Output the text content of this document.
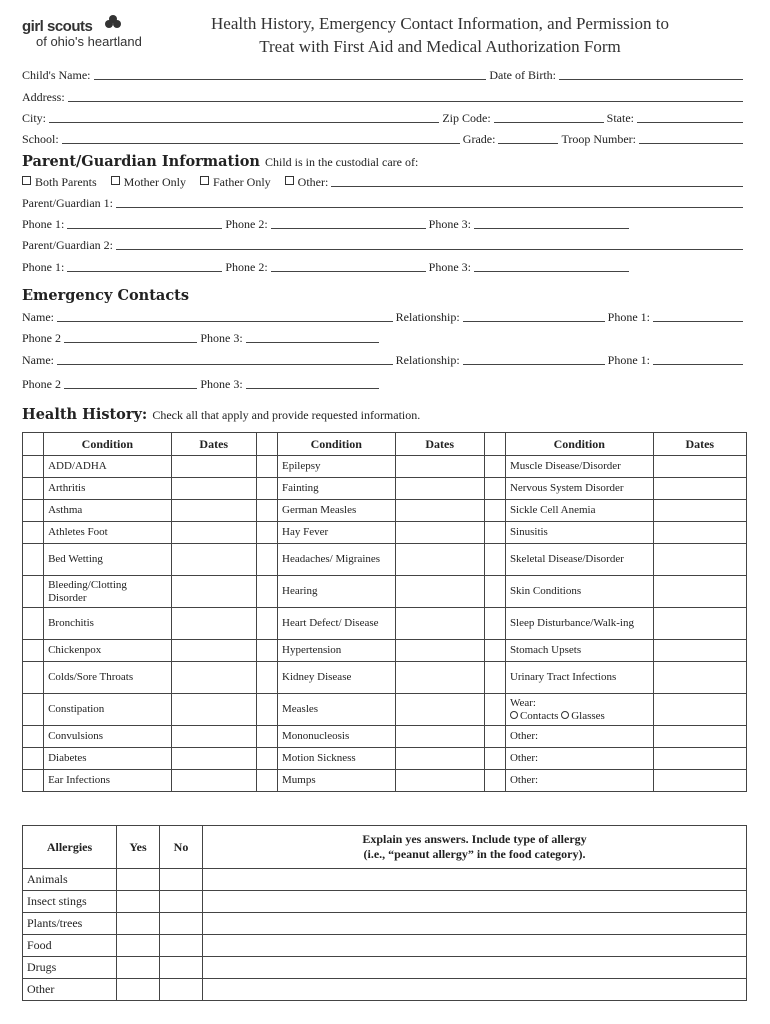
girl scouts
of ohio's heartland
Health History, Emergency Contact Information, and Permission to
Treat with First Aid and Medical Authorization Form
Child's Name:	Date of Birth:
Address:
City:	Zip Code:	State:
School:	Grade:	Troop Number:
Parent/Guardian Information Child is in the custodial care of:
Both Parents	Mother Only	Father Only	Other:
Parent/Guardian 1:
Phone 1:	Phone 2:	Phone 3:
Parent/Guardian 2:
Phone 1:	Phone 2:	Phone 3:
Emergency Contacts
Name:	Relationship:	Phone 1:
Phone 2	Phone 3:
Name:	Relationship:	Phone 1:
Phone 2	Phone 3:
Health History: Check all that apply and provide requested information.
	Condition	Dates		Condition	Dates		Condition	Dates
	ADD/ADHA			Epilepsy			Muscle Disease/Disorder	
	Arthritis			Fainting			Nervous System Disorder	
	Asthma			German Measles			Sickle Cell Anemia	
	Athletes Foot			Hay Fever			Sinusitis	
	Bed Wetting			Headaches/ Migraines			Skeletal Disease/Disorder	
	Bleeding/Clotting Disorder			Hearing			Skin Conditions	
	Bronchitis			Heart Defect/ Disease			Sleep Disturbance/Walk-ing	
	Chickenpox			Hypertension			Stomach Upsets	
	Colds/Sore Throats			Kidney Disease			Urinary Tract Infections	
	Constipation			Measles			Wear:
Contacts Glasses	

	Convulsions			Mononucleosis			Other:	
	Diabetes			Motion Sickness			Other:	
	Ear Infections			Mumps			Other:	
Allergies	Yes	No	Explain yes answers. Include type of allergy
(i.e., “peanut allergy” in the food category).

Animals			
Insect stings			
Plants/trees			
Food			
Drugs			
Other			
